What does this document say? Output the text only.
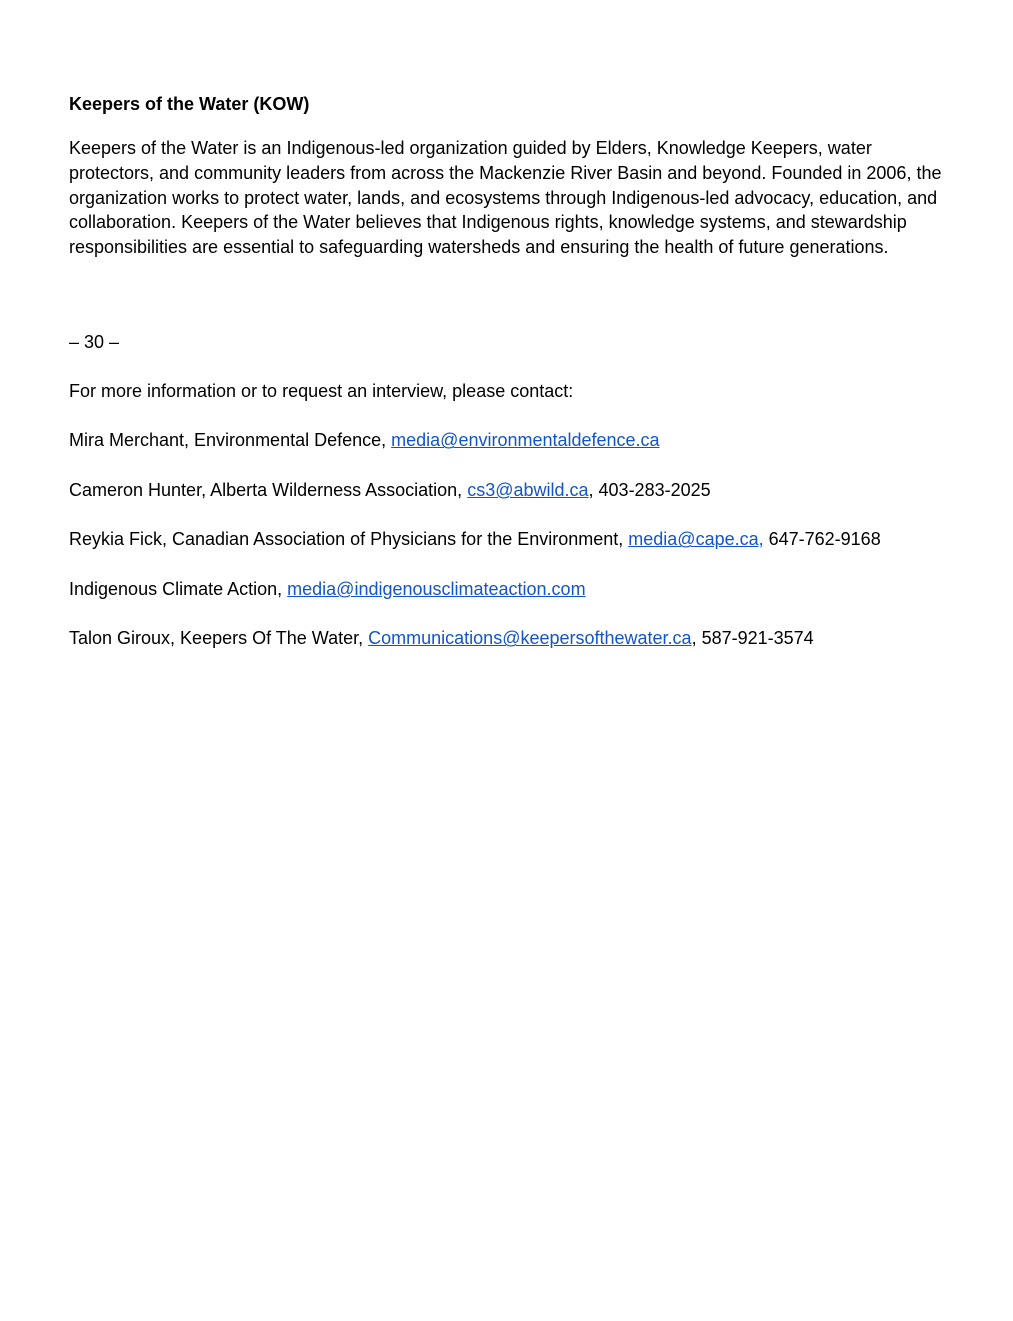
Keepers of the Water (KOW)

Keepers of the Water is an Indigenous-led organization guided by Elders, Knowledge Keepers, water protectors, and community leaders from across the Mackenzie River Basin and beyond. Founded in 2006, the organization works to protect water, lands, and ecosystems through Indigenous-led advocacy, education, and collaboration. Keepers of the Water believes that Indigenous rights, knowledge systems, and stewardship responsibilities are essential to safeguarding watersheds and ensuring the health of future generations.

– 30 –

For more information or to request an interview, please contact:

Mira Merchant, Environmental Defence, media@environmentaldefence.ca

Cameron Hunter, Alberta Wilderness Association, cs3@abwild.ca, 403-283-2025

Reykia Fick, Canadian Association of Physicians for the Environment, media@cape.ca, 647-762-9168

Indigenous Climate Action, media@indigenousclimateaction.com

Talon Giroux, Keepers Of The Water, Communications@keepersofthewater.ca, 587-921-3574
